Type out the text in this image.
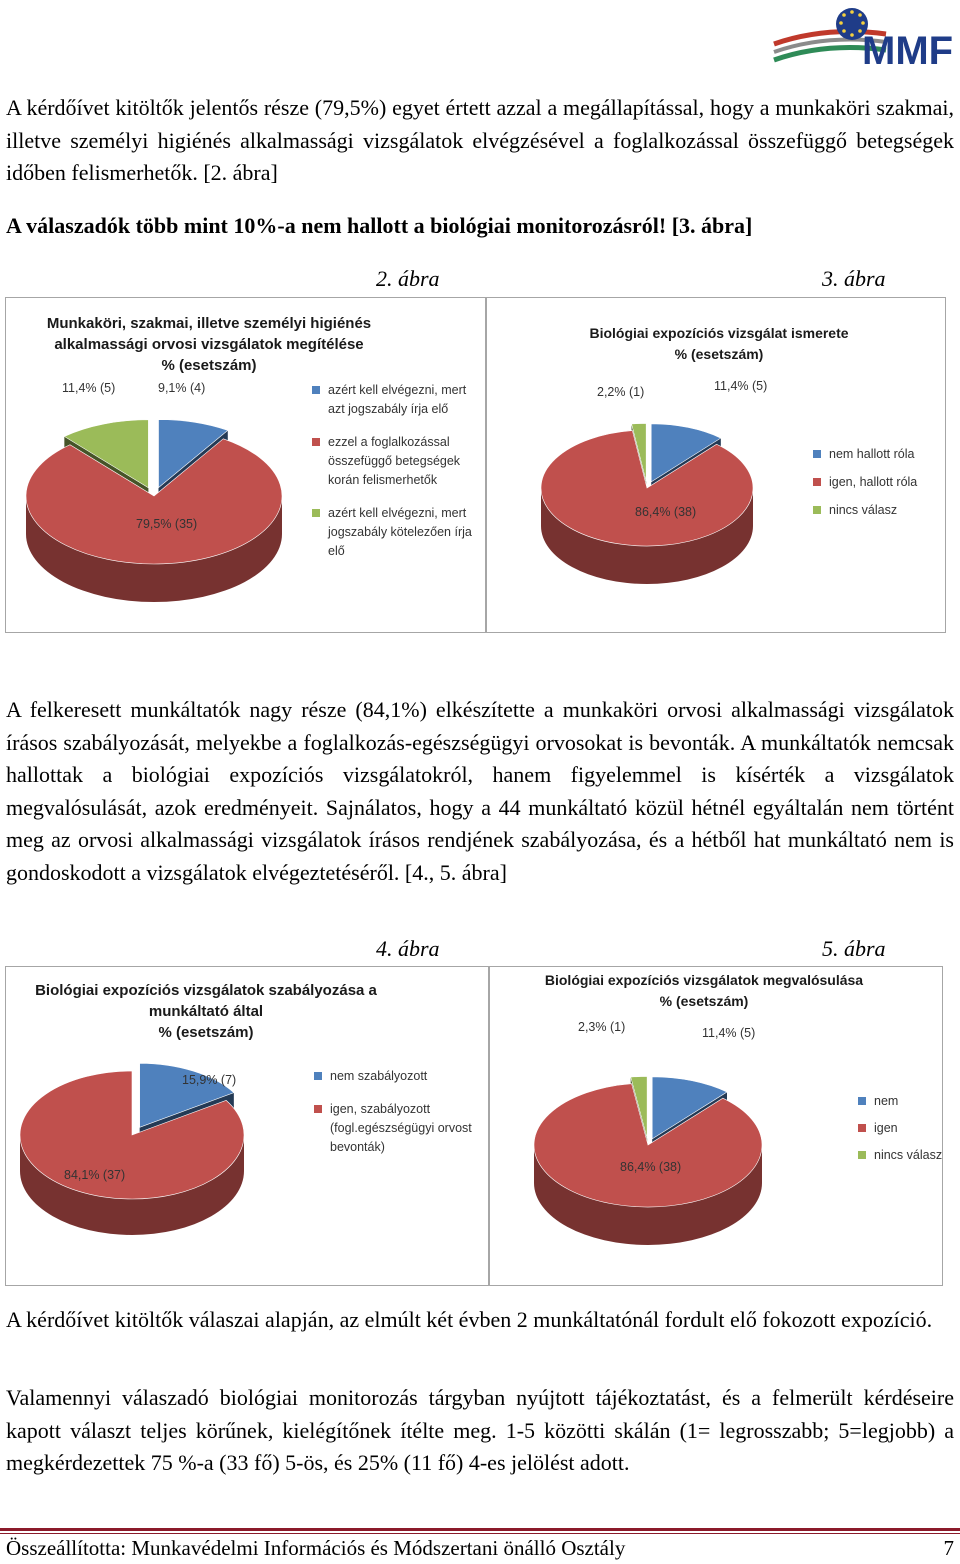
MMF

A kérdőívet kitöltők jelentős része (79,5%) egyet értett azzal a megállapítással, hogy a munkaköri szakmai, illetve személyi higiénés alkalmassági vizsgálatok elvégzésével a foglalkozással összefüggő betegségek időben felismerhetők. [2. ábra]

A válaszadók több mint 10%-a nem hallott a biológiai monitorozásról! [3. ábra]

2. ábra	3. ábra
Munkaköri, szakmai, illetve személyi higiénés
alkalmassági orvosi vizsgálatok megítélése
% (esetszám)
9,1% (4)
79,5% (35)
11,4% (5)	azért kell elvégezni, mert
azt jogszabály írja elő
ezzel a foglalkozással
összefüggő betegségek
korán felismerhetők
azért kell elvégezni, mert
jogszabály kötelezően írja
elő
Biológiai expozíciós vizsgálat ismerete
% (esetszám)
11,4% (5)
86,4% (38)
2,2% (1)
nem hallott róla
igen, hallott róla
nincs válasz

A felkeresett munkáltatók nagy része (84,1%) elkészítette a munkaköri orvosi alkalmassági vizsgálatok írásos szabályozását, melyekbe a foglalkozás-egészségügyi orvosokat is bevonták. A munkáltatók nemcsak hallottak a biológiai expozíciós vizsgálatokról, hanem figyelemmel is kísérték a vizsgálatok megvalósulását, azok eredményeit. Sajnálatos, hogy a 44 munkáltató közül hétnél egyáltalán nem történt meg az orvosi alkalmassági vizsgálatok írásos rendjének szabályozása, és a hétből hat munkáltató nem is gondoskodott a vizsgálatok elvégeztetéséről. [4., 5. ábra]

4. ábra	5. ábra
Biológiai expozíciós vizsgálatok szabályozása a
munkáltató által
% (esetszám)
15,9% (7)
84,1% (37)
nem szabályozott
igen, szabályozott
(fogl.egészségügyi orvost
bevonták)
Biológiai expozíciós vizsgálatok megvalósulása
% (esetszám)
11,4% (5)
86,4% (38)
2,3% (1)
nem
igen
nincs válasz

A kérdőívet kitöltők válaszai alapján, az elmúlt két évben 2 munkáltatónál fordult elő fokozott expozíció.

Valamennyi válaszadó biológiai monitorozás tárgyban nyújtott tájékoztatást, és a felmerült kérdéseire kapott választ teljes körűnek, kielégítőnek ítélte meg. 1-5 közötti skálán (1= legrosszabb; 5=legjobb) a megkérdezettek 75 %-a (33 fő) 5-ös, és 25% (11 fő) 4-es jelölést adott.

Összeállította: Munkavédelmi Információs és Módszertani önálló Osztály	7
